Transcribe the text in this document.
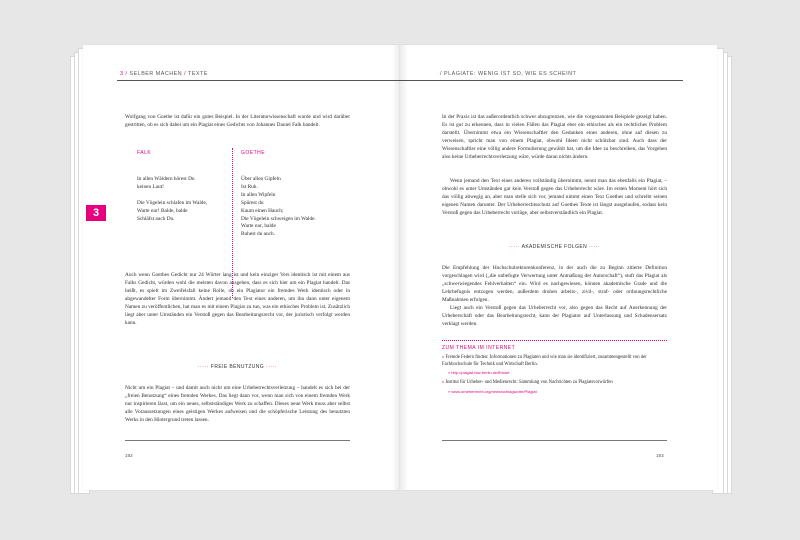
3 / SELBER MACHEN / TEXTE
Wolfgang von Goethe ist dafür ein gutes Beispiel. In der Literaturwissenschaft wurde und wird darüber gestritten, ob es sich dabei um ein Plagiat eines Gedichts von Johannes Daniel Falk handelt.
FALK	GOETHE
In allen Wäldern hörest Du
keinen Laut!
Die Vögelein schlafen im Walde,
Warte nur! Balde, balde
Schläfst auch Du.
Über allen Gipfeln
Ist Ruh.
In allen Wipfeln
Spürest du
Kaum einen Hauch;
Die Vögelein schweigen im Walde.
Warte nur, balde
Ruhest du auch.
Auch wenn Goethes Gedicht nur 24 Wörter lang ist und kein einziger Vers identisch ist mit einem aus Falks Gedicht, würden wohl die meisten davon ausgehen, dass es sich hier um ein Plagiat handelt. Das heißt, es spielt im Zweifelsfall keine Rolle, ob ein Plagiator ein fremdes Werk identisch oder in abgewandelter Form übernimmt. Ändert jemand den Text eines anderen, um ihn dann unter eigenem Namen zu veröffentlichen, hat man es mit einem Plagiat zu tun, was ein ethisches Problem ist. Zusätzlich liegt aber unter Umständen ein Verstoß gegen das Bearbeitungsrecht vor, der juristisch verfolgt werden kann.
····· FREIE BENUTZUNG ·····
Nicht um ein Plagiat – und damit auch nicht um eine Urheberrechtsverletzung – handelt es sich bei der „freien Benutzung“ eines fremden Werkes. Das liegt dann vor, wenn man sich von einem fremden Werk nur inspirieren lässt, um ein neues, selbstständiges Werk zu schaffen. Dieses neue Werk muss aber selbst alle Voraussetzungen eines geistigen Werkes aufweisen und die schöpferische Leistung des benutzten Werks in den Hintergrund treten lassen.
192
3
/ PLAGIATE: WENIG IST SO, WIE ES SCHEINT
In der Praxis ist das außerordentlich schwer abzugrenzen, wie die vorgenannten Beispiele gezeigt haben. Es ist gut zu erkennen, dass in vielen Fällen das Plagiat eher ein ethisches als ein rechtliches Problem darstellt. Übernimmt etwa ein Wissenschaftler den Gedanken eines anderen, ohne auf diesen zu verweisen, spricht man von einem Plagiat, obwohl Ideen nicht schützbar sind. Auch dass der Wissenschaftler eine völlig andere Formulierung gewählt hat, um die Idee zu beschreiben, das Vorgehen also keine Urheberrechtsverletzung wäre, würde daran nichts ändern.
Wenn jemand den Text eines anderen vollständig übernimmt, nennt man das ebenfalls ein Plagiat, – obwohl es unter Umständen gar kein Verstoß gegen das Urheberrecht wäre. Im ersten Moment hört sich das völlig abwegig an, aber man stelle sich vor, jemand nimmt einen Text Goethes und schreibt seinen eigenen Namen darunter. Der Urheberrechtsschutz auf Goethes Texte ist längst ausgelaufen, sodass kein Verstoß gegen das Urheberrecht vorläge, aber selbstverständlich ein Plagiat.
····· AKADEMISCHE FOLGEN ·····
Die Empfehlung der Hochschulrektorenkonferenz, in der auch die zu Beginn zitierte Definition vorgeschlagen wird („die unbefugte Verwertung unter Anmaßung der Autorschaft“), stuft das Plagiat als „schwerwiegendes Fehlverhalten“ ein. Wird es nachgewiesen, können akademische Grade und die Lehrbefugnis entzogen werden, außerdem drohen arbeits-, zivil-, straf- oder ordnungsrechtliche Maßnahmen erfolgen.
Liegt auch ein Verstoß gegen das Urheberrecht vor, also gegen das Recht auf Anerkennung der Urheberschaft oder das Bearbeitungsrecht, kann der Plagiator auf Unterlassung und Schadensersatz verklagt werden.
ZUM THEMA IM INTERNET
» Fremde Federn finden: Informationen zu Plagiaten und wie man sie identifiziert, zusammengestellt von der Fachhochschule für Technik und Wirtschaft Berlin.
» http://plagiat.htw-berlin.de/ff/start
» Institut für Urheber- und Medienrecht: Sammlung von Nachrichten zu Plagiatsvorwürfen
» www.urheberrecht.org/news/schlagworte/Plagiat
193
